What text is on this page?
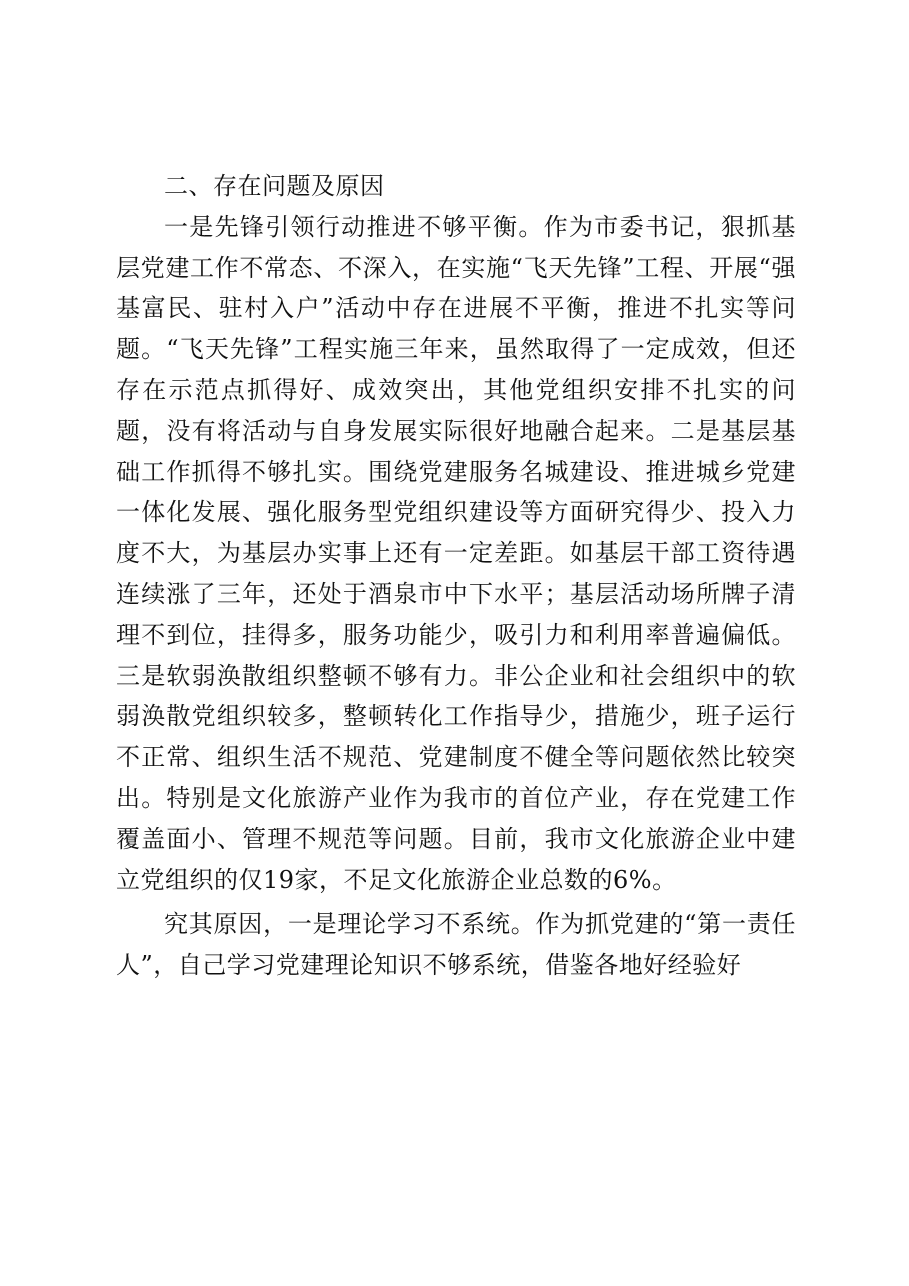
二、存在问题及原因

一是先锋引领行动推进不够平衡。作为市委书记，狠抓基层党建工作不常态、不深入，在实施“飞天先锋”工程、开展“强基富民、驻村入户”活动中存在进展不平衡，推进不扎实等问题。“飞天先锋”工程实施三年来，虽然取得了一定成效，但还存在示范点抓得好、成效突出，其他党组织安排不扎实的问题，没有将活动与自身发展实际很好地融合起来。二是基层基础工作抓得不够扎实。围绕党建服务名城建设、推进城乡党建一体化发展、强化服务型党组织建设等方面研究得少、投入力度不大，为基层办实事上还有一定差距。如基层干部工资待遇连续涨了三年，还处于酒泉市中下水平；基层活动场所牌子清理不到位，挂得多，服务功能少，吸引力和利用率普遍偏低。三是软弱涣散组织整顿不够有力。非公企业和社会组织中的软弱涣散党组织较多，整顿转化工作指导少，措施少，班子运行不正常、组织生活不规范、党建制度不健全等问题依然比较突出。特别是文化旅游产业作为我市的首位产业，存在党建工作覆盖面小、管理不规范等问题。目前，我市文化旅游企业中建立党组织的仅19家，不足文化旅游企业总数的6%。

究其原因，一是理论学习不系统。作为抓党建的“第一责任人”，自己学习党建理论知识不够系统，借鉴各地好经验好
